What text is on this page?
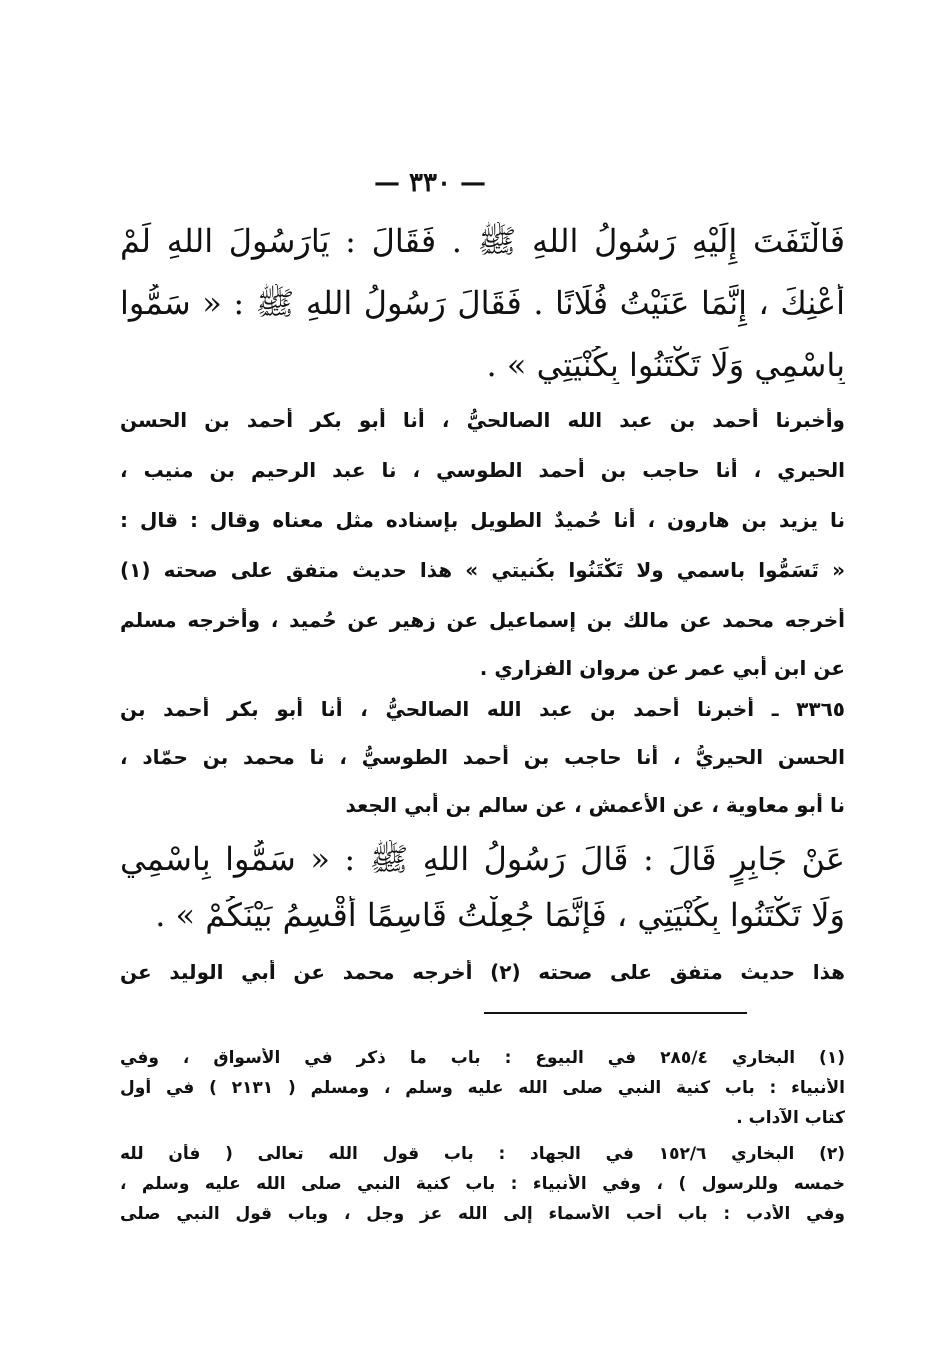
— ٣٣٠ —
فَالْتَفَتَ إِلَيْهِ رَسُولُ اللهِ ﷺ . فَقَالَ : يَارَسُولَ اللهِ لَمْ
أَعْنِكَ ، إِنَّمَا عَنَيْتُ فُلَانًا . فَقَالَ رَسُولُ اللهِ ﷺ : « سَمُّوا
بِاسْمِي وَلَا تَكْتَنُوا بِكُنْيَتِي » .
وأخبرنا أحمد بن عبد الله الصالحيُّ ، أنا أبو بكر أحمد بن الحسن
الحيري ، أنا حاجب بن أحمد الطوسي ، نا عبد الرحيم بن منيب ،
نا يزيد بن هارون ، أنا حُميدٌ الطويل بإسناده مثل معناه وقال : قال :
« تَسَمُّوا باسمي ولا تَكْتَنُوا بكُنيتي » هذا حديث متفق على صحته (١)
أخرجه محمد عن مالك بن إسماعيل عن زهير عن حُميد ، وأخرجه مسلم
عن ابن أبي عمر عن مروان الفزاري .
٣٣٦٥ ـ أخبرنا أحمد بن عبد الله الصالحيُّ ، أنا أبو بكر أحمد بن
الحسن الحيريُّ ، أنا حاجب بن أحمد الطوسيُّ ، نا محمد بن حمّاد ،
نا أبو معاوية ، عن الأعمش ، عن سالم بن أبي الجعد
عَنْ جَابِرٍ قَالَ : قَالَ رَسُولُ اللهِ ﷺ : « سَمُّوا بِاسْمِي
وَلَا تَكْتَنُوا بِكُنْيَتِي ، فَإِنَّمَا جُعِلْتُ قَاسِمًا أَقْسِمُ بَيْنَكُمْ » .
هذا حديث متفق على صحته (٢) أخرجه محمد عن أبي الوليد عن
(١) البخاري ٢٨٥/٤ في البيوع : باب ما ذكر في الأسواق ، وفي
الأنبياء : باب كنية النبي صلى الله عليه وسلم ، ومسلم ( ٢١٣١ ) في أول
كتاب الآداب .
(٢) البخاري ١٥٢/٦ في الجهاد : باب قول الله تعالى ( فأن لله
خمسه وللرسول ) ، وفي الأنبياء : باب كنية النبي صلى الله عليه وسلم ،
وفي الأدب : باب أحب الأسماء إلى الله عز وجل ، وباب قول النبي صلى
